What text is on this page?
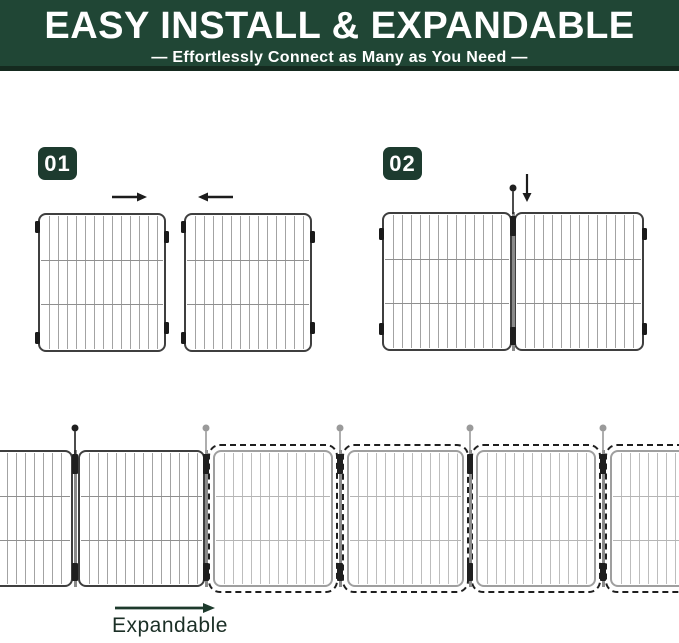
EASY INSTALL & EXPANDABLE

— Effortlessly Connect as Many as You Need —

01	02
Expandable
